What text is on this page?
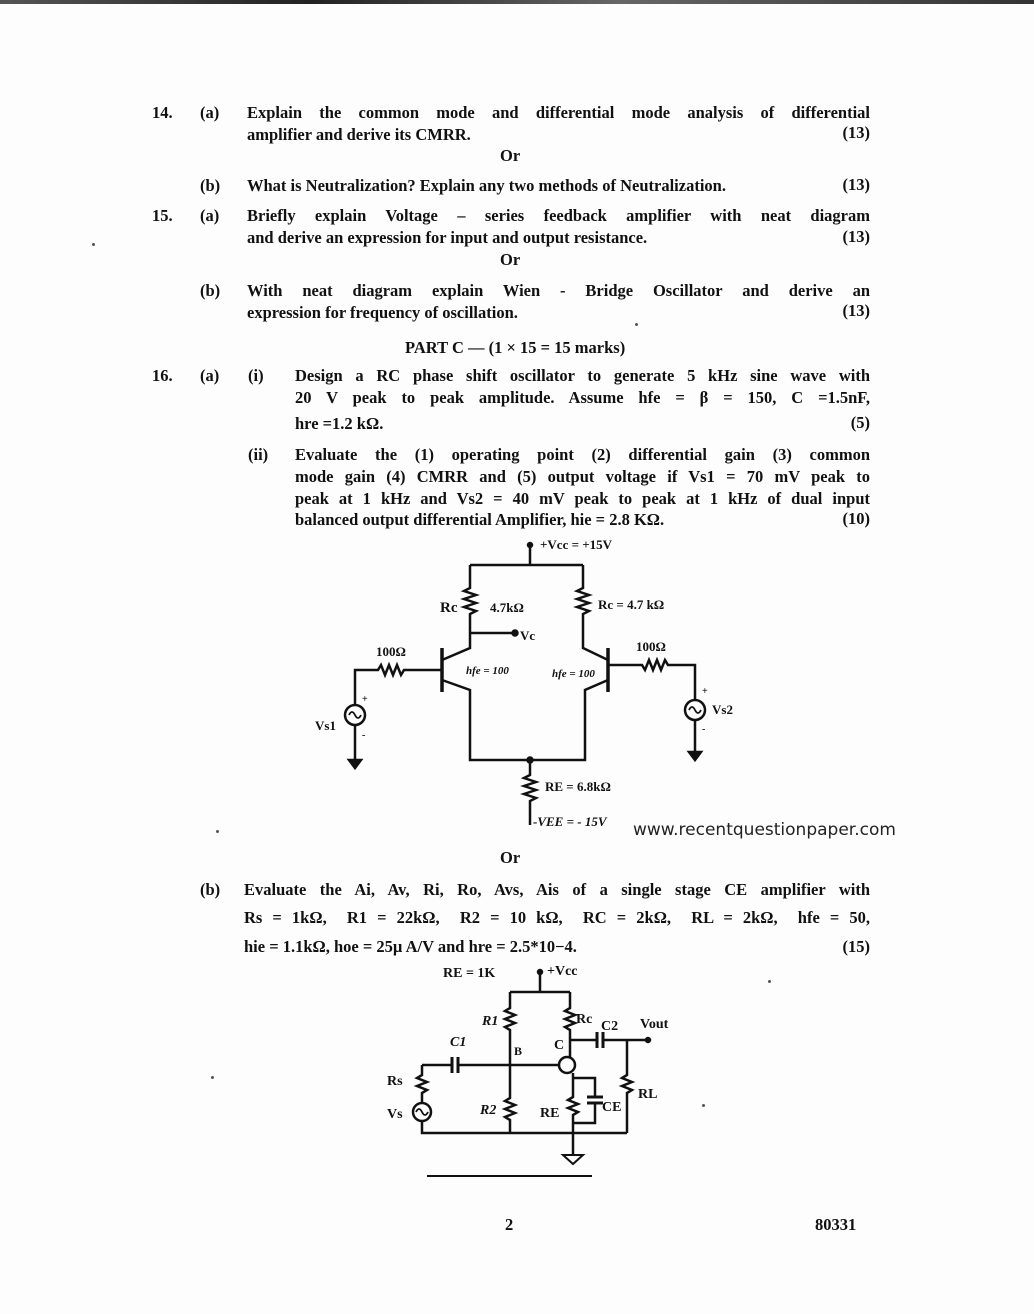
14. (a) Explain the common mode and differential mode analysis of differential
amplifier and derive its CMRR.	(13)
Or
(b) What is Neutralization? Explain any two methods of Neutralization.	(13)
15. (a) Briefly explain Voltage – series feedback amplifier with neat diagram
and derive an expression for input and output resistance.	(13)
Or
(b) With neat diagram explain Wien - Bridge Oscillator and derive an
expression for frequency of oscillation.	(13)
PART C — (1 × 15 = 15 marks)
16. (a) (i) Design a RC phase shift oscillator to generate 5 kHz sine wave with
20 V peak to peak amplitude. Assume hfe = β = 150, C =1.5nF,
hre =1.2 kΩ.	(5)
(ii) Evaluate the (1) operating point (2) differential gain (3) common
mode gain (4) CMRR and (5) output voltage if Vs1 = 70 mV peak to
peak at 1 kHz and Vs2 = 40 mV peak to peak at 1 kHz of dual input
balanced output differential Amplifier, hie = 2.8 KΩ.	(10)
+Vcc = +15V
Rc	4.7kΩ	Rc = 4.7 kΩ
Vc
100Ω	100Ω
hfe = 100	hfe = 100
Vs1
Vs2
+
-
+
-
RE = 6.8kΩ
-VEE = - 15V
RE = 1K	+Vcc
R1	Rc C2 Vout
C1
B C
Rs
Vs	R2	RE	CE
RL
www.recentquestionpaper.com
Or
(b) Evaluate the Ai, Av, Ri, Ro, Avs, Ais of a single stage CE amplifier with
Rs = 1kΩ,  R1 = 22kΩ,  R2 = 10 kΩ,  RC = 2kΩ,  RL = 2kΩ,  hfe = 50,
hie = 1.1kΩ, hoe = 25µ A/V and hre = 2.5*10−4.	(15)
2	80331
